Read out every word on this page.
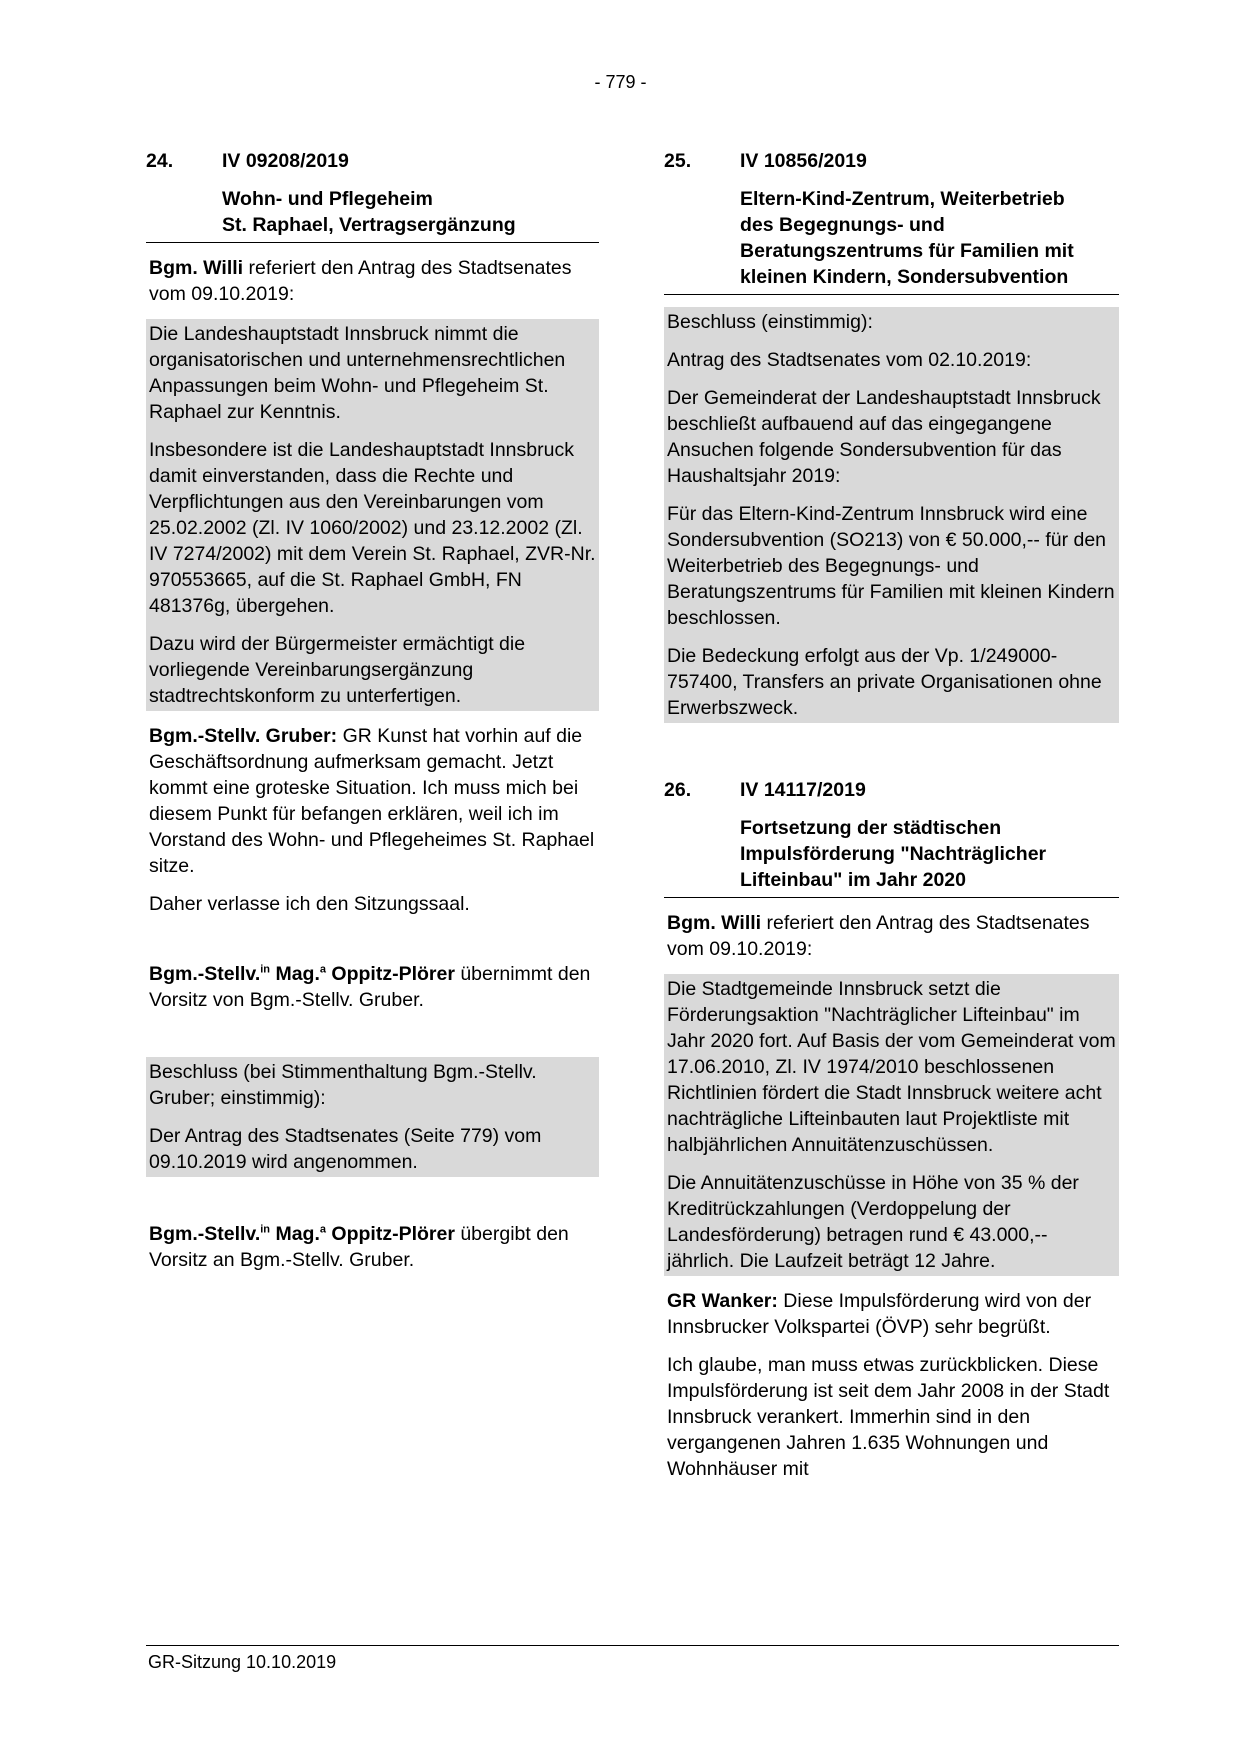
- 779 -
24.	IV 09208/2019
Wohn- und Pflegeheim
St. Raphael, Vertragsergänzung

Bgm. Willi referiert den Antrag des Stadtsenates vom 09.10.2019:

Die Landeshauptstadt Innsbruck nimmt die organisatorischen und unternehmensrechtlichen Anpassungen beim Wohn- und Pflegeheim St. Raphael zur Kenntnis.

Insbesondere ist die Landeshauptstadt Innsbruck damit einverstanden, dass die Rechte und Verpflichtungen aus den Vereinbarungen vom 25.02.2002 (Zl. IV 1060/2002) und 23.12.2002 (Zl. IV 7274/2002) mit dem Verein St. Raphael, ZVR-Nr. 970553665, auf die St. Raphael GmbH, FN 481376g, übergehen.

Dazu wird der Bürgermeister ermächtigt die vorliegende Vereinbarungsergänzung stadtrechtskonform zu unterfertigen.

Bgm.-Stellv. Gruber: GR Kunst hat vorhin auf die Geschäftsordnung aufmerksam gemacht. Jetzt kommt eine groteske Situation. Ich muss mich bei diesem Punkt für befangen erklären, weil ich im Vorstand des Wohn- und Pflegeheimes St. Raphael sitze.

Daher verlasse ich den Sitzungssaal.

Bgm.-Stellv.$^{in}$ Mag.$^a$ Oppitz-Plörer übernimmt den Vorsitz von Bgm.-Stellv. Gruber.

Beschluss (bei Stimmenthaltung Bgm.-Stellv. Gruber; einstimmig):

Der Antrag des Stadtsenates (Seite 779) vom 09.10.2019 wird angenommen.

Bgm.-Stellv.$^{in}$ Mag.$^a$ Oppitz-Plörer übergibt den Vorsitz an Bgm.-Stellv. Gruber.

25.	IV 10856/2019
Eltern-Kind-Zentrum, Weiterbetrieb des Begegnungs- und Beratungszentrums für Familien mit kleinen Kindern, Sondersubvention

Beschluss (einstimmig):

Antrag des Stadtsenates vom 02.10.2019:

Der Gemeinderat der Landeshauptstadt Innsbruck beschließt aufbauend auf das eingegangene Ansuchen folgende Sondersubvention für das Haushaltsjahr 2019:

Für das Eltern-Kind-Zentrum Innsbruck wird eine Sondersubvention (SO213) von € 50.000,-- für den Weiterbetrieb des Begegnungs- und Beratungszentrums für Familien mit kleinen Kindern beschlossen.

Die Bedeckung erfolgt aus der Vp. 1/249000-757400, Transfers an private Organisationen ohne Erwerbszweck.

26.	IV 14117/2019
Fortsetzung der städtischen Impulsförderung "Nachträglicher Lifteinbau" im Jahr 2020

Bgm. Willi referiert den Antrag des Stadtsenates vom 09.10.2019:

Die Stadtgemeinde Innsbruck setzt die Förderungsaktion "Nachträglicher Lifteinbau" im Jahr 2020 fort. Auf Basis der vom Gemeinderat vom 17.06.2010, Zl. IV 1974/2010 beschlossenen Richtlinien fördert die Stadt Innsbruck weitere acht nachträgliche Lifteinbauten laut Projektliste mit halbjährlichen Annuitätenzuschüssen.

Die Annuitätenzuschüsse in Höhe von 35 % der Kreditrückzahlungen (Verdoppelung der Landesförderung) betragen rund € 43.000,-- jährlich. Die Laufzeit beträgt 12 Jahre.

GR Wanker: Diese Impulsförderung wird von der Innsbrucker Volkspartei (ÖVP) sehr begrüßt.

Ich glaube, man muss etwas zurückblicken. Diese Impulsförderung ist seit dem Jahr 2008 in der Stadt Innsbruck verankert. Immerhin sind in den vergangenen Jahren 1.635 Wohnungen und Wohnhäuser mit

GR-Sitzung 10.10.2019
